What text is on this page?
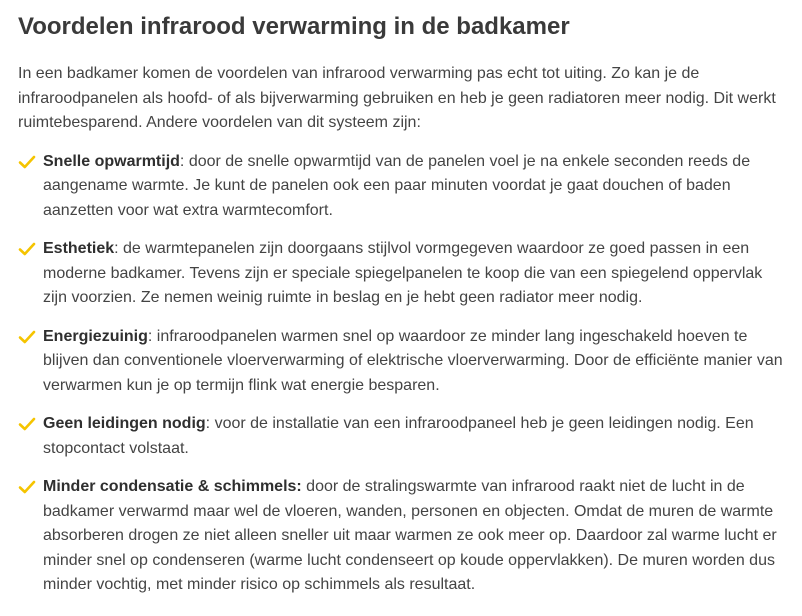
Voordelen infrarood verwarming in de badkamer

In een badkamer komen de voordelen van infrarood verwarming pas echt tot uiting. Zo kan je de infraroodpanelen als hoofd- of als bijverwarming gebruiken en heb je geen radiatoren meer nodig. Dit werkt ruimtebesparend. Andere voordelen van dit systeem zijn:

Snelle opwarmtijd: door de snelle opwarmtijd van de panelen voel je na enkele seconden reeds de aangename warmte. Je kunt de panelen ook een paar minuten voordat je gaat douchen of baden aanzetten voor wat extra warmtecomfort.
Esthetiek: de warmtepanelen zijn doorgaans stijlvol vormgegeven waardoor ze goed passen in een moderne badkamer. Tevens zijn er speciale spiegelpanelen te koop die van een spiegelend oppervlak zijn voorzien. Ze nemen weinig ruimte in beslag en je hebt geen radiator meer nodig.
Energiezuinig: infraroodpanelen warmen snel op waardoor ze minder lang ingeschakeld hoeven te blijven dan conventionele vloerverwarming of elektrische vloerverwarming. Door de efficiënte manier van verwarmen kun je op termijn flink wat energie besparen.
Geen leidingen nodig: voor de installatie van een infraroodpaneel heb je geen leidingen nodig. Een stopcontact volstaat.
Minder condensatie & schimmels: door de stralingswarmte van infrarood raakt niet de lucht in de badkamer verwarmd maar wel de vloeren, wanden, personen en objecten. Omdat de muren de warmte absorberen drogen ze niet alleen sneller uit maar warmen ze ook meer op. Daardoor zal warme lucht er minder snel op condenseren (warme lucht condenseert op koude oppervlakken). De muren worden dus minder vochtig, met minder risico op schimmels als resultaat.
